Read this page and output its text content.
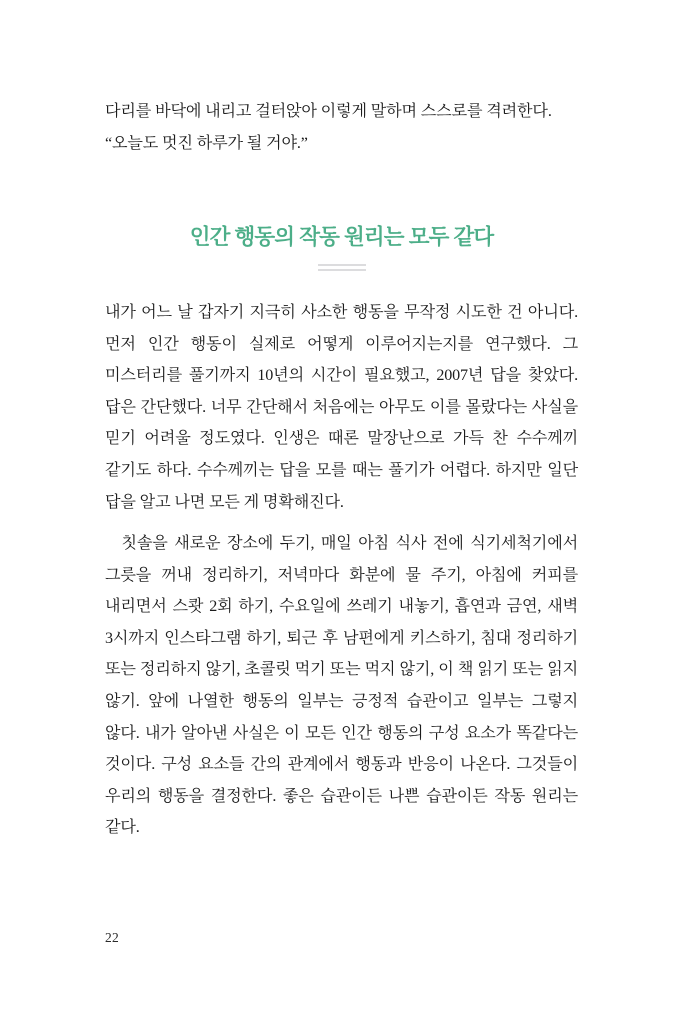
다리를 바닥에 내리고 걸터앉아 이렇게 말하며 스스로를 격려한다.
“오늘도 멋진 하루가 될 거야.”
인간 행동의 작동 원리는 모두 같다

내가 어느 날 갑자기 지극히 사소한 행동을 무작정 시도한 건 아니다. 먼저 인간 행동이 실제로 어떻게 이루어지는지를 연구했다. 그 미스터리를 풀기까지 10년의 시간이 필요했고, 2007년 답을 찾았다. 답은 간단했다. 너무 간단해서 처음에는 아무도 이를 몰랐다는 사실을 믿기 어려울 정도였다. 인생은 때론 말장난으로 가득 찬 수수께끼 같기도 하다. 수수께끼는 답을 모를 때는 풀기가 어렵다. 하지만 일단 답을 알고 나면 모든 게 명확해진다.

칫솔을 새로운 장소에 두기, 매일 아침 식사 전에 식기세척기에서 그릇을 꺼내 정리하기, 저녁마다 화분에 물 주기, 아침에 커피를 내리면서 스쾃 2회 하기, 수요일에 쓰레기 내놓기, 흡연과 금연, 새벽 3시까지 인스타그램 하기, 퇴근 후 남편에게 키스하기, 침대 정리하기 또는 정리하지 않기, 초콜릿 먹기 또는 먹지 않기, 이 책 읽기 또는 읽지 않기. 앞에 나열한 행동의 일부는 긍정적 습관이고 일부는 그렇지 않다. 내가 알아낸 사실은 이 모든 인간 행동의 구성 요소가 똑같다는 것이다. 구성 요소들 간의 관계에서 행동과 반응이 나온다. 그것들이 우리의 행동을 결정한다. 좋은 습관이든 나쁜 습관이든 작동 원리는 같다.

22
